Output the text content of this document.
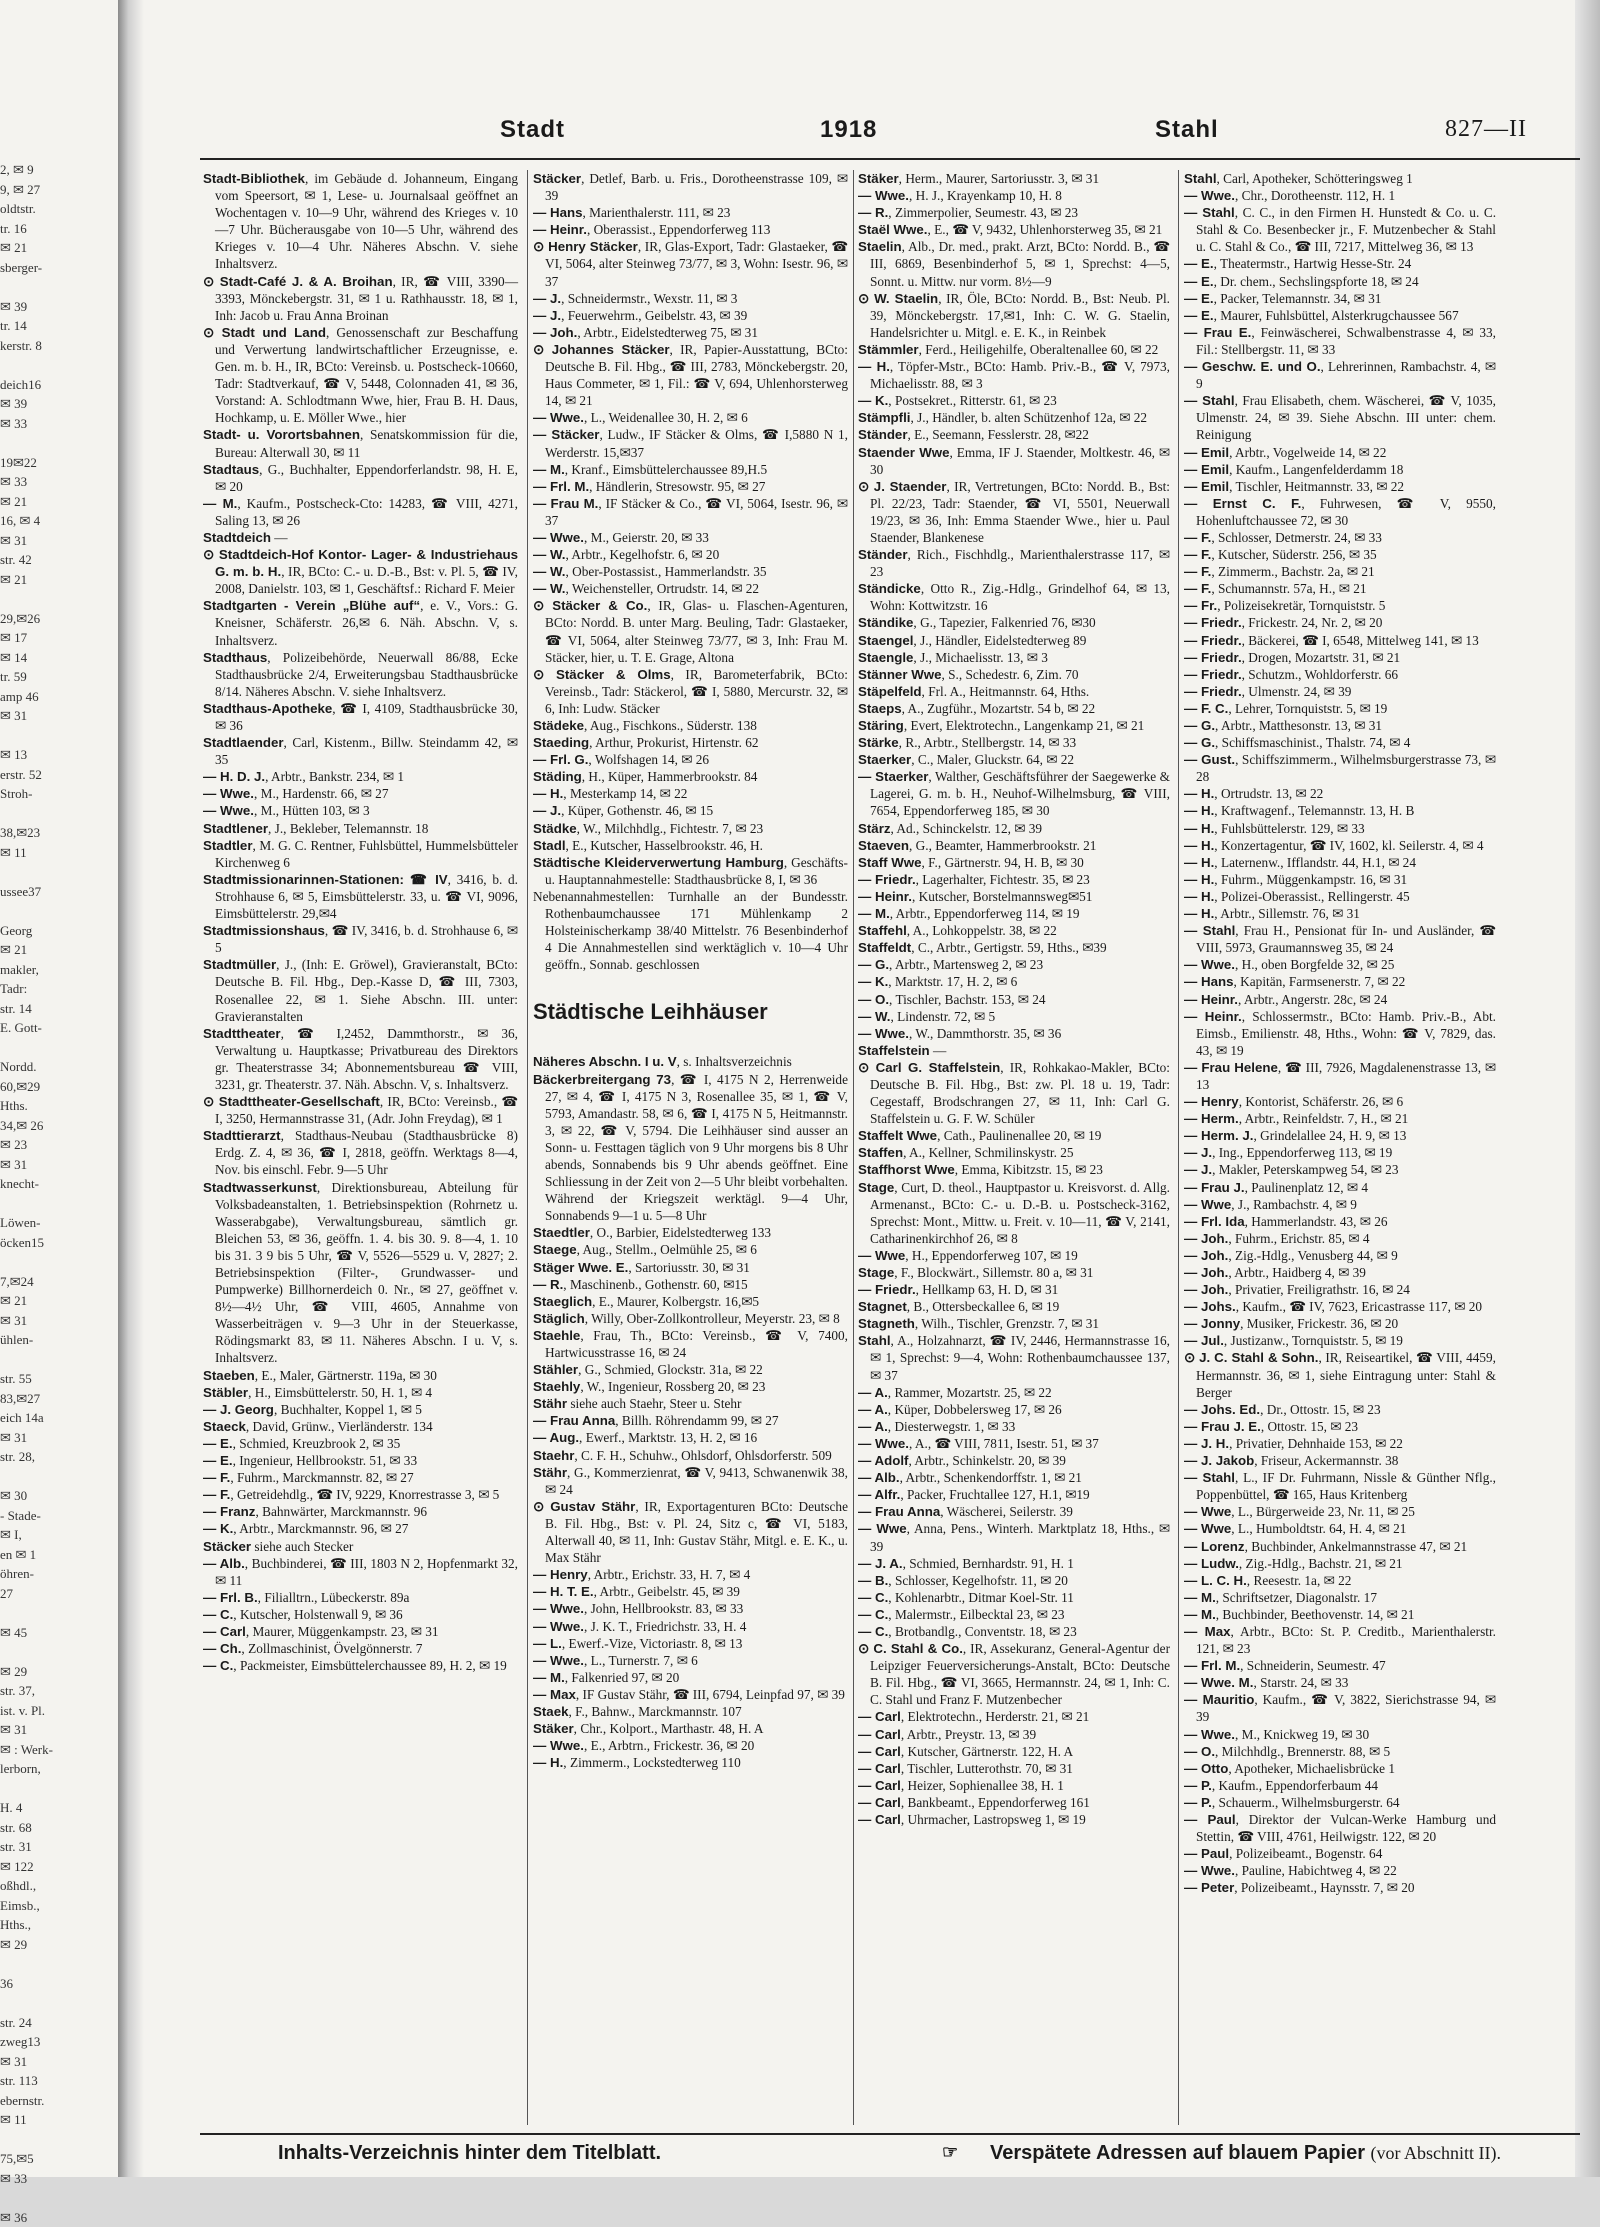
2, ✉ 9
9, ✉ 27
oldtstr.
tr. 16
✉ 21
sberger-
✉ 39
tr. 14
kerstr. 8
deich16
✉ 39
✉ 33
19✉22
✉ 33
✉ 21
16, ✉ 4
✉ 31
str. 42
✉ 21
29,✉26
✉ 17
✉ 14
tr. 59
amp 46
✉ 31
✉ 13
erstr. 52
Stroh-
38,✉23
✉ 11
ussee37
Georg
✉ 21
makler,
Tadr:
str. 14
E. Gott-
Nordd.
60,✉29
Hths.
34,✉ 26
✉ 23
✉ 31
knecht-
Löwen-
öcken15
7,✉24
✉ 21
✉ 31
ühlen-
str. 55
83,✉27
eich 14a
✉ 31
str. 28,
✉ 30
- Stade-
✉ I,
en ✉ 1
öhren-
27
✉ 45
✉ 29
str. 37,
ist. v. Pl.
✉ 31
✉ : Werk-
lerborn,
H. 4
str. 68
str. 31
✉ 122
oßhdl.,
Eimsb.,
Hths.,
✉ 29
36
str. 24
zweg13
✉ 31
str. 113
ebernstr.
✉ 11
75,✉5
✉ 33
✉ 36
Stadt	1918	Stahl	827—II

Stadt-Bibliothek, im Gebäude d. Johanneum, Eingang vom Speersort, ✉ 1, Lese- u. Journalsaal geöffnet an Wochentagen v. 10—9 Uhr, während des Krieges v. 10—7 Uhr. Bücherausgabe von 10—5 Uhr, während des Krieges v. 10—4 Uhr. Näheres Abschn. V. siehe Inhaltsverz.

⊙ Stadt-Café J. & A. Broihan, IR, ☎ VIII, 3390—3393, Mönckebergstr. 31, ✉ 1 u. Rathhausstr. 18, ✉ 1, Inh: Jacob u. Frau Anna Broinan

⊙ Stadt und Land, Genossenschaft zur Beschaffung und Verwertung landwirtschaftlicher Erzeugnisse, e. Gen. m. b. H., IR, BCto: Vereinsb. u. Postscheck-10660, Tadr: Stadtverkauf, ☎ V, 5448, Colonnaden 41, ✉ 36, Vorstand: A. Schlodtmann Wwe, hier, Frau B. H. Daus, Hochkamp, u. E. Möller Wwe., hier

Stadt- u. Vorortsbahnen, Senatskommission für die, Bureau: Alterwall 30, ✉ 11

Stadtaus, G., Buchhalter, Eppendorferlandstr. 98, H. E, ✉ 20

— M., Kaufm., Postscheck-Cto: 14283, ☎ VIII, 4271, Saling 13, ✉ 26

Stadtdeich —

⊙ Stadtdeich-Hof Kontor- Lager- & Industriehaus G. m. b. H., IR, BCto: C.- u. D.-B., Bst: v. Pl. 5, ☎ IV, 2008, Danielstr. 103, ✉ 1, Geschäftsf.: Richard F. Meier

Stadtgarten - Verein „Blühe auf“, e. V., Vors.: G. Kneisner, Schäferstr. 26,✉ 6. Näh. Abschn. V, s. Inhaltsverz.

Stadthaus, Polizeibehörde, Neuerwall 86/88, Ecke Stadthausbrücke 2/4, Erweiterungsbau Stadthausbrücke 8/14. Näheres Abschn. V. siehe Inhaltsverz.

Stadthaus-Apotheke, ☎ I, 4109, Stadthausbrücke 30, ✉ 36

Stadtlaender, Carl, Kistenm., Billw. Steindamm 42, ✉ 35

— H. D. J., Arbtr., Bankstr. 234, ✉ 1

— Wwe., M., Hardenstr. 66, ✉ 27

— Wwe., M., Hütten 103, ✉ 3

Stadtlener, J., Bekleber, Telemannstr. 18

Stadtler, M. G. C. Rentner, Fuhlsbüttel, Hummelsbütteler Kirchenweg 6

Stadtmissionarinnen-Stationen: ☎ IV, 3416, b. d. Strohhause 6, ✉ 5, Eimsbüttelerstr. 33, u. ☎ VI, 9096, Eimsbüttelerstr. 29,✉4

Stadtmissionshaus, ☎ IV, 3416, b. d. Strohhause 6, ✉ 5

Stadtmüller, J., (Inh: E. Gröwel), Gravieranstalt, BCto: Deutsche B. Fil. Hbg., Dep.-Kasse D, ☎ III, 7303, Rosenallee 22, ✉ 1. Siehe Abschn. III. unter: Gravieranstalten

Stadttheater, ☎ I,2452, Dammthorstr., ✉ 36, Verwaltung u. Hauptkasse; Privatbureau des Direktors gr. Theaterstrasse 34; Abonnementsbureau ☎ VIII, 3231, gr. Theaterstr. 37. Näh. Abschn. V, s. Inhaltsverz.

⊙ Stadttheater-Gesellschaft, IR, BCto: Vereinsb., ☎ I, 3250, Hermannstrasse 31, (Adr. John Freydag), ✉ 1

Stadttierarzt, Stadthaus-Neubau (Stadthausbrücke 8) Erdg. Z. 4, ✉ 36, ☎ I, 2818, geöffn. Werktags 8—4, Nov. bis einschl. Febr. 9—5 Uhr

Stadtwasserkunst, Direktionsbureau, Abteilung für Volksbadeanstalten, 1. Betriebsinspektion (Rohrnetz u. Wasserabgabe), Verwaltungsbureau, sämtlich gr. Bleichen 53, ✉ 36, geöffn. 1. 4. bis 30. 9. 8—4, 1. 10 bis 31. 3 9 bis 5 Uhr, ☎ V, 5526—5529 u. V, 2827; 2. Betriebsinspektion (Filter-, Grundwasser- und Pumpwerke) Billhornerdeich 0. Nr., ✉ 27, geöffnet v. 8½—4½ Uhr, ☎ VIII, 4605, Annahme von Wasserbeiträgen v. 9—3 Uhr in der Steuerkasse, Rödingsmarkt 83, ✉ 11. Näheres Abschn. I u. V, s. Inhaltsverz.

Staeben, E., Maler, Gärtnerstr. 119a, ✉ 30

Stäbler, H., Eimsbüttelerstr. 50, H. 1, ✉ 4

— J. Georg, Buchhalter, Koppel 1, ✉ 5

Staeck, David, Grünw., Vierländerstr. 134

— E., Schmied, Kreuzbrook 2, ✉ 35

— E., Ingenieur, Hellbrookstr. 51, ✉ 33

— F., Fuhrm., Marckmannstr. 82, ✉ 27

— F., Getreidehdlg., ☎ IV, 9229, Knorrestrasse 3, ✉ 5

— Franz, Bahnwärter, Marckmannstr. 96

— K., Arbtr., Marckmannstr. 96, ✉ 27

Stäcker siehe auch Stecker

— Alb., Buchbinderei, ☎ III, 1803 N 2, Hopfenmarkt 32, ✉ 11

— Frl. B., Filialltrn., Lübeckerstr. 89a

— C., Kutscher, Holstenwall 9, ✉ 36

— Carl, Maurer, Müggenkampstr. 23, ✉ 31

— Ch., Zollmaschinist, Övelgönnerstr. 7

— C., Packmeister, Eimsbüttelerchaussee 89, H. 2, ✉ 19

Stäcker, Detlef, Barb. u. Fris., Dorotheenstrasse 109, ✉ 39

— Hans, Marienthalerstr. 111, ✉ 23

— Heinr., Oberassist., Eppendorferweg 113

⊙ Henry Stäcker, IR, Glas-Export, Tadr: Glastaeker, ☎ VI, 5064, alter Steinweg 73/77, ✉ 3, Wohn: Isestr. 96, ✉ 37

— J., Schneidermstr., Wexstr. 11, ✉ 3

— J., Feuerwehrm., Geibelstr. 43, ✉ 39

— Joh., Arbtr., Eidelstedterweg 75, ✉ 31

⊙ Johannes Stäcker, IR, Papier-Ausstattung, BCto: Deutsche B. Fil. Hbg., ☎ III, 2783, Mönckebergstr. 20, Haus Commeter, ✉ 1, Fil.: ☎ V, 694, Uhlenhorsterweg 14, ✉ 21

— Wwe., L., Weidenallee 30, H. 2, ✉ 6

— Stäcker, Ludw., IF Stäcker & Olms, ☎ I,5880 N 1, Werderstr. 15,✉37

— M., Kranf., Eimsbüttelerchaussee 89,H.5

— Frl. M., Händlerin, Stresowstr. 95, ✉ 27

— Frau M., IF Stäcker & Co., ☎ VI, 5064, Isestr. 96, ✉ 37

— Wwe., M., Geierstr. 20, ✉ 33

— W., Arbtr., Kegelhofstr. 6, ✉ 20

— W., Ober-Postassist., Hammerlandstr. 35

— W., Weichensteller, Ortrudstr. 14, ✉ 22

⊙ Stäcker & Co., IR, Glas- u. Flaschen-Agenturen, BCto: Nordd. B. unter Marg. Beuling, Tadr: Glastaeker, ☎ VI, 5064, alter Steinweg 73/77, ✉ 3, Inh: Frau M. Stäcker, hier, u. T. E. Grage, Altona

⊙ Stäcker & Olms, IR, Barometerfabrik, BCto: Vereinsb., Tadr: Stäckerol, ☎ I, 5880, Mercurstr. 32, ✉ 6, Inh: Ludw. Stäcker

Städeke, Aug., Fischkons., Süderstr. 138

Staeding, Arthur, Prokurist, Hirtenstr. 62

— Frl. G., Wolfshagen 14, ✉ 26

Städing, H., Küper, Hammerbrookstr. 84

— H., Mesterkamp 14, ✉ 22

— J., Küper, Gothenstr. 46, ✉ 15

Städke, W., Milchhdlg., Fichtestr. 7, ✉ 23

Stadl, E., Kutscher, Hasselbrookstr. 46, H.

Städtische Kleiderverwertung Hamburg, Geschäfts- u. Hauptannahmestelle: Stadthausbrücke 8, I, ✉ 36

Nebenannahmestellen: Turnhalle an der Bundesstr. Rothenbaumchaussee 171 Mühlenkamp 2 Holsteinischerkamp 38/40 Mittelstr. 76 Besenbinderhof 4 Die Annahmestellen sind werktäglich v. 10—4 Uhr geöffn., Sonnab. geschlossen

Städtische Leihhäuser

Näheres Abschn. I u. V, s. Inhaltsverzeichnis

Bäckerbreitergang 73, ☎ I, 4175 N 2, Herrenweide 27, ✉ 4, ☎ I, 4175 N 3, Rosenallee 35, ✉ 1, ☎ V, 5793, Amandastr. 58, ✉ 6, ☎ I, 4175 N 5, Heitmannstr. 3, ✉ 22, ☎ V, 5794. Die Leihhäuser sind ausser an Sonn- u. Festtagen täglich von 9 Uhr morgens bis 8 Uhr abends, Sonnabends bis 9 Uhr abends geöffnet. Eine Schliessung in der Zeit von 2—5 Uhr bleibt vorbehalten. Während der Kriegszeit werktägl. 9—4 Uhr, Sonnabends 9—1 u. 5—8 Uhr

Staedtler, O., Barbier, Eidelstedterweg 133

Staege, Aug., Stellm., Oelmühle 25, ✉ 6

Stäger Wwe. E., Sartoriusstr. 30, ✉ 31

— R., Maschinenb., Gothenstr. 60, ✉15

Staeglich, E., Maurer, Kolbergstr. 16,✉5

Stäglich, Willy, Ober-Zollkontrolleur, Meyerstr. 23, ✉ 8

Staehle, Frau, Th., BCto: Vereinsb., ☎ V, 7400, Hartwicusstrasse 16, ✉ 24

Stähler, G., Schmied, Glockstr. 31a, ✉ 22

Staehly, W., Ingenieur, Rossberg 20, ✉ 23

Stähr siehe auch Staehr, Steer u. Stehr

— Frau Anna, Billh. Röhrendamm 99, ✉ 27

— Aug., Ewerf., Marktstr. 13, H. 2, ✉ 16

Staehr, C. F. H., Schuhw., Ohlsdorf, Ohlsdorferstr. 509

Stähr, G., Kommerzienrat, ☎ V, 9413, Schwanenwik 38, ✉ 24

⊙ Gustav Stähr, IR, Exportagenturen BCto: Deutsche B. Fil. Hbg., Bst: v. Pl. 24, Sitz c, ☎ VI, 5183, Alterwall 40, ✉ 11, Inh: Gustav Stähr, Mitgl. e. E. K., u. Max Stähr

— Henry, Arbtr., Erichstr. 33, H. 7, ✉ 4

— H. T. E., Arbtr., Geibelstr. 45, ✉ 39

— Wwe., John, Hellbrookstr. 83, ✉ 33

— Wwe., J. K. T., Friedrichstr. 33, H. 4

— L., Ewerf.-Vize, Victoriastr. 8, ✉ 13

— Wwe., L., Turnerstr. 7, ✉ 6

— M., Falkenried 97, ✉ 20

— Max, IF Gustav Stähr, ☎ III, 6794, Leinpfad 97, ✉ 39

Staek, F., Bahnw., Marckmannstr. 107

Stäker, Chr., Kolport., Marthastr. 48, H. A

— Wwe., E., Arbtrn., Frickestr. 36, ✉ 20

— H., Zimmerm., Lockstedterweg 110

Stäker, Herm., Maurer, Sartoriusstr. 3, ✉ 31

— Wwe., H. J., Krayenkamp 10, H. 8

— R., Zimmerpolier, Seumestr. 43, ✉ 23

Staël Wwe., E., ☎ V, 9432, Uhlenhorsterweg 35, ✉ 21

Staelin, Alb., Dr. med., prakt. Arzt, BCto: Nordd. B., ☎ III, 6869, Besenbinderhof 5, ✉ 1, Sprechst: 4—5, Sonnt. u. Mittw. nur vorm. 8½—9

⊙ W. Staelin, IR, Öle, BCto: Nordd. B., Bst: Neub. Pl. 39, Mönckebergstr. 17,✉1, Inh: C. W. G. Staelin, Handelsrichter u. Mitgl. e. E. K., in Reinbek

Stämmler, Ferd., Heiligehilfe, Oberaltenallee 60, ✉ 22

— H., Töpfer-Mstr., BCto: Hamb. Priv.-B., ☎ V, 7973, Michaelisstr. 88, ✉ 3

— K., Postsekret., Ritterstr. 61, ✉ 23

Stämpfli, J., Händler, b. alten Schützenhof 12a, ✉ 22

Ständer, E., Seemann, Fesslerstr. 28, ✉22

Staender Wwe, Emma, IF J. Staender, Moltkestr. 46, ✉ 30

⊙ J. Staender, IR, Vertretungen, BCto: Nordd. B., Bst: Pl. 22/23, Tadr: Staender, ☎ VI, 5501, Neuerwall 19/23, ✉ 36, Inh: Emma Staender Wwe., hier u. Paul Staender, Blankenese

Ständer, Rich., Fischhdlg., Marienthalerstrasse 117, ✉ 23

Ständicke, Otto R., Zig.-Hdlg., Grindelhof 64, ✉ 13, Wohn: Kottwitzstr. 16

Ständike, G., Tapezier, Falkenried 76, ✉30

Staengel, J., Händler, Eidelstedterweg 89

Staengle, J., Michaelisstr. 13, ✉ 3

Stänner Wwe, S., Schedestr. 6, Zim. 70

Stäpelfeld, Frl. A., Heitmannstr. 64, Hths.

Staeps, A., Zugführ., Mozartstr. 54 b, ✉ 22

Stäring, Evert, Elektrotechn., Langenkamp 21, ✉ 21

Stärke, R., Arbtr., Stellbergstr. 14, ✉ 33

Staerker, C., Maler, Gluckstr. 64, ✉ 22

— Staerker, Walther, Geschäftsführer der Saegewerke & Lagerei, G. m. b. H., Neuhof-Wilhelmsburg, ☎ VIII, 7654, Eppendorferweg 185, ✉ 30

Stärz, Ad., Schinckelstr. 12, ✉ 39

Staeven, G., Beamter, Hammerbrookstr. 21

Staff Wwe, F., Gärtnerstr. 94, H. B, ✉ 30

— Friedr., Lagerhalter, Fichtestr. 35, ✉ 23

— Heinr., Kutscher, Borstelmannsweg✉51

— M., Arbtr., Eppendorferweg 114, ✉ 19

Staffehl, A., Lohkoppelstr. 38, ✉ 22

Staffeldt, C., Arbtr., Gertigstr. 59, Hths., ✉39

— G., Arbtr., Martensweg 2, ✉ 23

— K., Marktstr. 17, H. 2, ✉ 6

— O., Tischler, Bachstr. 153, ✉ 24

— W., Lindenstr. 72, ✉ 5

— Wwe., W., Dammthorstr. 35, ✉ 36

Staffelstein —

⊙ Carl G. Staffelstein, IR, Rohkakao-Makler, BCto: Deutsche B. Fil. Hbg., Bst: zw. Pl. 18 u. 19, Tadr: Cegestaff, Brodschrangen 27, ✉ 11, Inh: Carl G. Staffelstein u. G. F. W. Schüler

Staffelt Wwe, Cath., Paulinenallee 20, ✉ 19

Staffen, A., Kellner, Schmilinskystr. 25

Staffhorst Wwe, Emma, Kibitzstr. 15, ✉ 23

Stage, Curt, D. theol., Hauptpastor u. Kreisvorst. d. Allg. Armenanst., BCto: C.- u. D.-B. u. Postscheck-3162, Sprechst: Mont., Mittw. u. Freit. v. 10—11, ☎ V, 2141, Catharinenkirchhof 26, ✉ 8

— Wwe, H., Eppendorferweg 107, ✉ 19

Stage, F., Blockwärt., Sillemstr. 80 a, ✉ 31

— Friedr., Hellkamp 63, H. D, ✉ 31

Stagnet, B., Ottersbeckallee 6, ✉ 19

Stagneth, Wilh., Tischler, Grenzstr. 7, ✉ 31

Stahl, A., Holzahnarzt, ☎ IV, 2446, Hermannstrasse 16, ✉ 1, Sprechst: 9—4, Wohn: Rothenbaumchaussee 137, ✉ 37

— A., Rammer, Mozartstr. 25, ✉ 22

— A., Küper, Dobbelersweg 17, ✉ 26

— A., Diesterwegstr. 1, ✉ 33

— Wwe., A., ☎ VIII, 7811, Isestr. 51, ✉ 37

— Adolf, Arbtr., Schinkelstr. 20, ✉ 39

— Alb., Arbtr., Schenkendorffstr. 1, ✉ 21

— Alfr., Packer, Fruchtallee 127, H.1, ✉19

— Frau Anna, Wäscherei, Seilerstr. 39

— Wwe, Anna, Pens., Winterh. Marktplatz 18, Hths., ✉ 39

— J. A., Schmied, Bernhardstr. 91, H. 1

— B., Schlosser, Kegelhofstr. 11, ✉ 20

— C., Kohlenarbtr., Ditmar Koel-Str. 11

— C., Malermstr., Eilbecktal 23, ✉ 23

— C., Brotbandlg., Conventstr. 18, ✉ 23

⊙ C. Stahl & Co., IR, Assekuranz, General-Agentur der Leipziger Feuerversicherungs-Anstalt, BCto: Deutsche B. Fil. Hbg., ☎ VI, 3665, Hermannstr. 24, ✉ 1, Inh: C. C. Stahl und Franz F. Mutzenbecher

— Carl, Elektrotechn., Herderstr. 21, ✉ 21

— Carl, Arbtr., Preystr. 13, ✉ 39

— Carl, Kutscher, Gärtnerstr. 122, H. A

— Carl, Tischler, Lutterothstr. 70, ✉ 31

— Carl, Heizer, Sophienallee 38, H. 1

— Carl, Bankbeamt., Eppendorferweg 161

— Carl, Uhrmacher, Lastropsweg 1, ✉ 19

Stahl, Carl, Apotheker, Schötteringsweg 1

— Wwe., Chr., Dorotheenstr. 112, H. 1

— Stahl, C. C., in den Firmen H. Hunstedt & Co. u. C. Stahl & Co. Besenbecker jr., F. Mutzenbecher & Stahl u. C. Stahl & Co., ☎ III, 7217, Mittelweg 36, ✉ 13

— E., Theatermstr., Hartwig Hesse-Str. 24

— E., Dr. chem., Sechslingspforte 18, ✉ 24

— E., Packer, Telemannstr. 34, ✉ 31

— E., Maurer, Fuhlsbüttel, Alsterkrugchaussee 567

— Frau E., Feinwäscherei, Schwalbenstrasse 4, ✉ 33, Fil.: Stellbergstr. 11, ✉ 33

— Geschw. E. und O., Lehrerinnen, Rambachstr. 4, ✉ 9

— Stahl, Frau Elisabeth, chem. Wäscherei, ☎ V, 1035, Ulmenstr. 24, ✉ 39. Siehe Abschn. III unter: chem. Reinigung

— Emil, Arbtr., Vogelweide 14, ✉ 22

— Emil, Kaufm., Langenfelderdamm 18

— Emil, Tischler, Heitmannstr. 33, ✉ 22

— Ernst C. F., Fuhrwesen, ☎ V, 9550, Hohenluftchaussee 72, ✉ 30

— F., Schlosser, Detmerstr. 24, ✉ 33

— F., Kutscher, Süderstr. 256, ✉ 35

— F., Zimmerm., Bachstr. 2a, ✉ 21

— F., Schumannstr. 57a, H., ✉ 21

— Fr., Polizeisekretär, Tornquiststr. 5

— Friedr., Frickestr. 24, Nr. 2, ✉ 20

— Friedr., Bäckerei, ☎ I, 6548, Mittelweg 141, ✉ 13

— Friedr., Drogen, Mozartstr. 31, ✉ 21

— Friedr., Schutzm., Wohldorferstr. 66

— Friedr., Ulmenstr. 24, ✉ 39

— F. C., Lehrer, Tornquiststr. 5, ✉ 19

— G., Arbtr., Matthesonstr. 13, ✉ 31

— G., Schiffsmaschinist., Thalstr. 74, ✉ 4

— Gust., Schiffszimmerm., Wilhelmsburgerstrasse 73, ✉ 28

— H., Ortrudstr. 13, ✉ 22

— H., Kraftwagenf., Telemannstr. 13, H. B

— H., Fuhlsbüttelerstr. 129, ✉ 33

— H., Konzertagentur, ☎ IV, 1602, kl. Seilerstr. 4, ✉ 4

— H., Laternenw., Ifflandstr. 44, H.1, ✉ 24

— H., Fuhrm., Müggenkampstr. 16, ✉ 31

— H., Polizei-Oberassist., Rellingerstr. 45

— H., Arbtr., Sillemstr. 76, ✉ 31

— Stahl, Frau H., Pensionat für In- und Ausländer, ☎ VIII, 5973, Graumannsweg 35, ✉ 24

— Wwe., H., oben Borgfelde 32, ✉ 25

— Hans, Kapitän, Farmsenerstr. 7, ✉ 22

— Heinr., Arbtr., Angerstr. 28c, ✉ 24

— Heinr., Schlossermstr., BCto: Hamb. Priv.-B., Abt. Eimsb., Emilienstr. 48, Hths., Wohn: ☎ V, 7829, das. 43, ✉ 19

— Frau Helene, ☎ III, 7926, Magdalenenstrasse 13, ✉ 13

— Henry, Kontorist, Schäferstr. 26, ✉ 6

— Herm., Arbtr., Reinfeldstr. 7, H., ✉ 21

— Herm. J., Grindelallee 24, H. 9, ✉ 13

— J., Ing., Eppendorferweg 113, ✉ 19

— J., Makler, Peterskampweg 54, ✉ 23

— Frau J., Paulinenplatz 12, ✉ 4

— Wwe, J., Rambachstr. 4, ✉ 9

— Frl. Ida, Hammerlandstr. 43, ✉ 26

— Joh., Fuhrm., Erichstr. 85, ✉ 4

— Joh., Zig.-Hdlg., Venusberg 44, ✉ 9

— Joh., Arbtr., Haidberg 4, ✉ 39

— Joh., Privatier, Freiligrathstr. 16, ✉ 24

— Johs., Kaufm., ☎ IV, 7623, Ericastrasse 117, ✉ 20

— Jonny, Musiker, Frickestr. 36, ✉ 20

— Jul., Justizanw., Tornquiststr. 5, ✉ 19

⊙ J. C. Stahl & Sohn., IR, Reiseartikel, ☎ VIII, 4459, Hermannstr. 36, ✉ 1, siehe Eintragung unter: Stahl & Berger

— Johs. Ed., Dr., Ottostr. 15, ✉ 23

— Frau J. E., Ottostr. 15, ✉ 23

— J. H., Privatier, Dehnhaide 153, ✉ 22

— J. Jakob, Friseur, Ackermannstr. 38

— Stahl, L., IF Dr. Fuhrmann, Nissle & Günther Nflg., Poppenbüttel, ☎ 165, Haus Kritenberg

— Wwe, L., Bürgerweide 23, Nr. 11, ✉ 25

— Wwe, L., Humboldtstr. 64, H. 4, ✉ 21

— Lorenz, Buchbinder, Ankelmannstrasse 47, ✉ 21

— Ludw., Zig.-Hdlg., Bachstr. 21, ✉ 21

— L. C. H., Reesestr. 1a, ✉ 22

— M., Schriftsetzer, Diagonalstr. 17

— M., Buchbinder, Beethovenstr. 14, ✉ 21

— Max, Arbtr., BCto: St. P. Creditb., Marienthalerstr. 121, ✉ 23

— Frl. M., Schneiderin, Seumestr. 47

— Wwe. M., Starstr. 24, ✉ 33

— Mauritio, Kaufm., ☎ V, 3822, Sierichstrasse 94, ✉ 39

— Wwe., M., Knickweg 19, ✉ 30

— O., Milchhdlg., Brennerstr. 88, ✉ 5

— Otto, Apotheker, Michaelisbrücke 1

— P., Kaufm., Eppendorferbaum 44

— P., Schauerm., Wilhelmsburgerstr. 64

— Paul, Direktor der Vulcan-Werke Hamburg und Stettin, ☎ VIII, 4761, Heilwigstr. 122, ✉ 20

— Paul, Polizeibeamt., Bogenstr. 64

— Wwe., Pauline, Habichtweg 4, ✉ 22

— Peter, Polizeibeamt., Haynsstr. 7, ✉ 20

Inhalts-Verzeichnis hinter dem Titelblatt.	☞ Verspätete Adressen auf blauem Papier (vor Abschnitt II).
